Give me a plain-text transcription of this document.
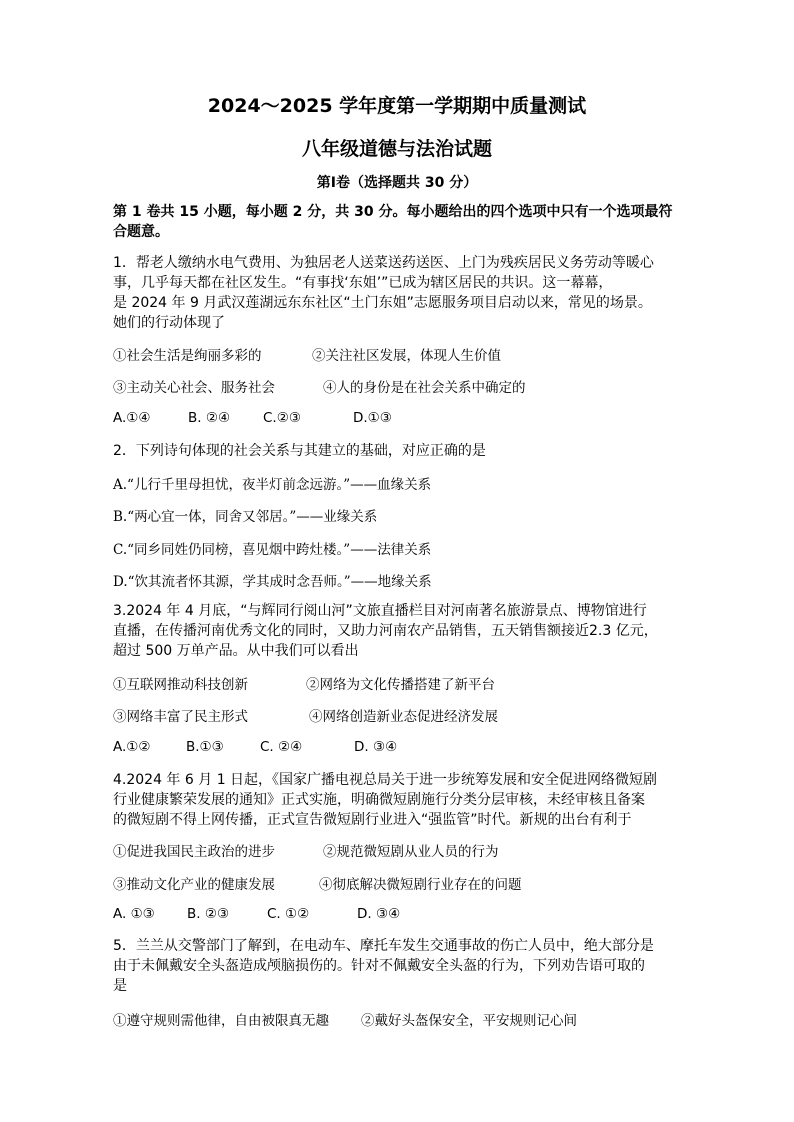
2024～2025 学年度第一学期期中质量测试
八年级道德与法治试题
第Ⅰ卷（选择题共 30 分）
第 1 卷共 15 小题，每小题 2 分，共 30 分。每小题给出的四个选项中只有一个选项最符
合题意。
1．帮老人缴纳水电气费用、为独居老人送菜送药送医、上门为残疾居民义务劳动等暖心
事，几乎每天都在社区发生。“有事找‘东姐’”已成为辖区居民的共识。这一幕幕，
是 2024 年 9 月武汉莲湖远东东社区“土门东姐”志愿服务项目启动以来，常见的场景。
她们的行动体现了
①社会生活是绚丽多彩的	②关注社区发展，体现人生价值
③主动关心社会、服务社会	④人的身份是在社会关系中确定的
A.①④	B. ②④ C.②③	D.①③
2．下列诗句体现的社会关系与其建立的基础，对应正确的是
A.“儿行千里母担忧，夜半灯前念远游。”——血缘关系
B.“两心宜一体，同舍又邻居。”——业缘关系
C.“同乡同姓仍同榜，喜见烟中跨灶楼。”——法律关系
D.“饮其流者怀其源，学其成时念吾师。”——地缘关系
3.2024 年 4 月底，“与辉同行阅山河”文旅直播栏目对河南著名旅游景点、博物馆进行
直播，在传播河南优秀文化的同时，又助力河南农产品销售，五天销售额接近2.3 亿元，
超过 500 万单产品。从中我们可以看出
①互联网推动科技创新	②网络为文化传播搭建了新平台
③网络丰富了民主形式	④网络创造新业态促进经济发展
A.①②	B.①③	C. ②④	D. ③④
4.2024 年 6 月 1 日起，《国家广播电视总局关于进一步统筹发展和安全促进网络微短剧
行业健康繁荣发展的通知》正式实施，明确微短剧施行分类分层审核，未经审核且备案
的微短剧不得上网传播，正式宣告微短剧行业进入“强监管”时代。新规的出台有利于
①促进我国民主政治的进步	②规范微短剧从业人员的行为
③推动文化产业的健康发展	④彻底解决微短剧行业存在的问题
A. ①③ B. ②③	C. ①②	D. ③④
5．兰兰从交警部门了解到，在电动车、摩托车发生交通事故的伤亡人员中，绝大部分是
由于未佩戴安全头盔造成颅脑损伤的。针对不佩戴安全头盔的行为，下列劝告语可取的
是
①遵守规则需他律，自由被限真无趣 ②戴好头盔保安全，平安规则记心间
